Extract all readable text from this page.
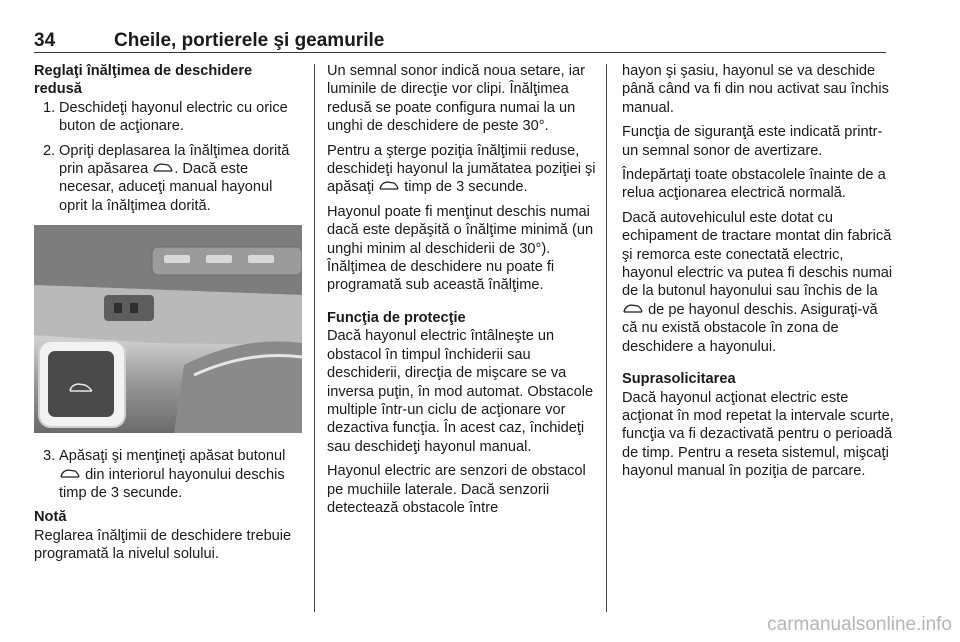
34	Cheile, portierele şi geamurile

Reglaţi înălţimea de deschidere redusă

1. Deschideţi hayonul electric cu orice buton de acţionare.
2. Opriţi deplasarea la înălţimea dorită prin apăsarea . Dacă este necesar, aduceţi manual hayonul oprit la înălţimea dorită.
3. Apăsaţi şi menţineţi apăsat butonul  din interiorul hayonului deschis timp de 3 secunde.

Notă

Reglarea înălţimii de deschidere trebuie programată la nivelul solului.

Un semnal sonor indică noua setare, iar luminile de direcţie vor clipi. Înălţimea redusă se poate configura numai la un unghi de deschidere de peste 30°.

Pentru a şterge poziţia înălţimii reduse, deschideţi hayonul la jumătatea poziţiei şi apăsaţi timp de 3 secunde.

Hayonul poate fi menţinut deschis numai dacă este depăşită o înălţime minimă (un unghi minim al deschiderii de 30°). Înălţimea de deschidere nu poate fi programată sub această înălţime.

Funcţia de protecţie

Dacă hayonul electric întâlneşte un obstacol în timpul închiderii sau deschiderii, direcţia de mişcare se va inversa puţin, în mod automat. Obstacole multiple într-un ciclu de acţionare vor dezactiva funcţia. În acest caz, închideţi sau deschideţi hayonul manual.

Hayonul electric are senzori de obstacol pe muchiile laterale. Dacă senzorii detectează obstacole între

hayon şi şasiu, hayonul se va deschide până când va fi din nou activat sau închis manual.

Funcţia de siguranţă este indicată printr-un semnal sonor de avertizare.

Îndepărtaţi toate obstacolele înainte de a relua acţionarea electrică normală.

Dacă autovehiculul este dotat cu echipament de tractare montat din fabrică şi remorca este conectată electric, hayonul electric va putea fi deschis numai de la butonul hayonului sau închis de la  de pe hayonul deschis. Asiguraţi-vă că nu există obstacole în zona de deschidere a hayonului.

Suprasolicitarea

Dacă hayonul acţionat electric este acţionat în mod repetat la intervale scurte, funcţia va fi dezactivată pentru o perioadă de timp. Pentru a reseta sistemul, mişcaţi hayonul manual în poziţia de parcare.

carmanualsonline.info
